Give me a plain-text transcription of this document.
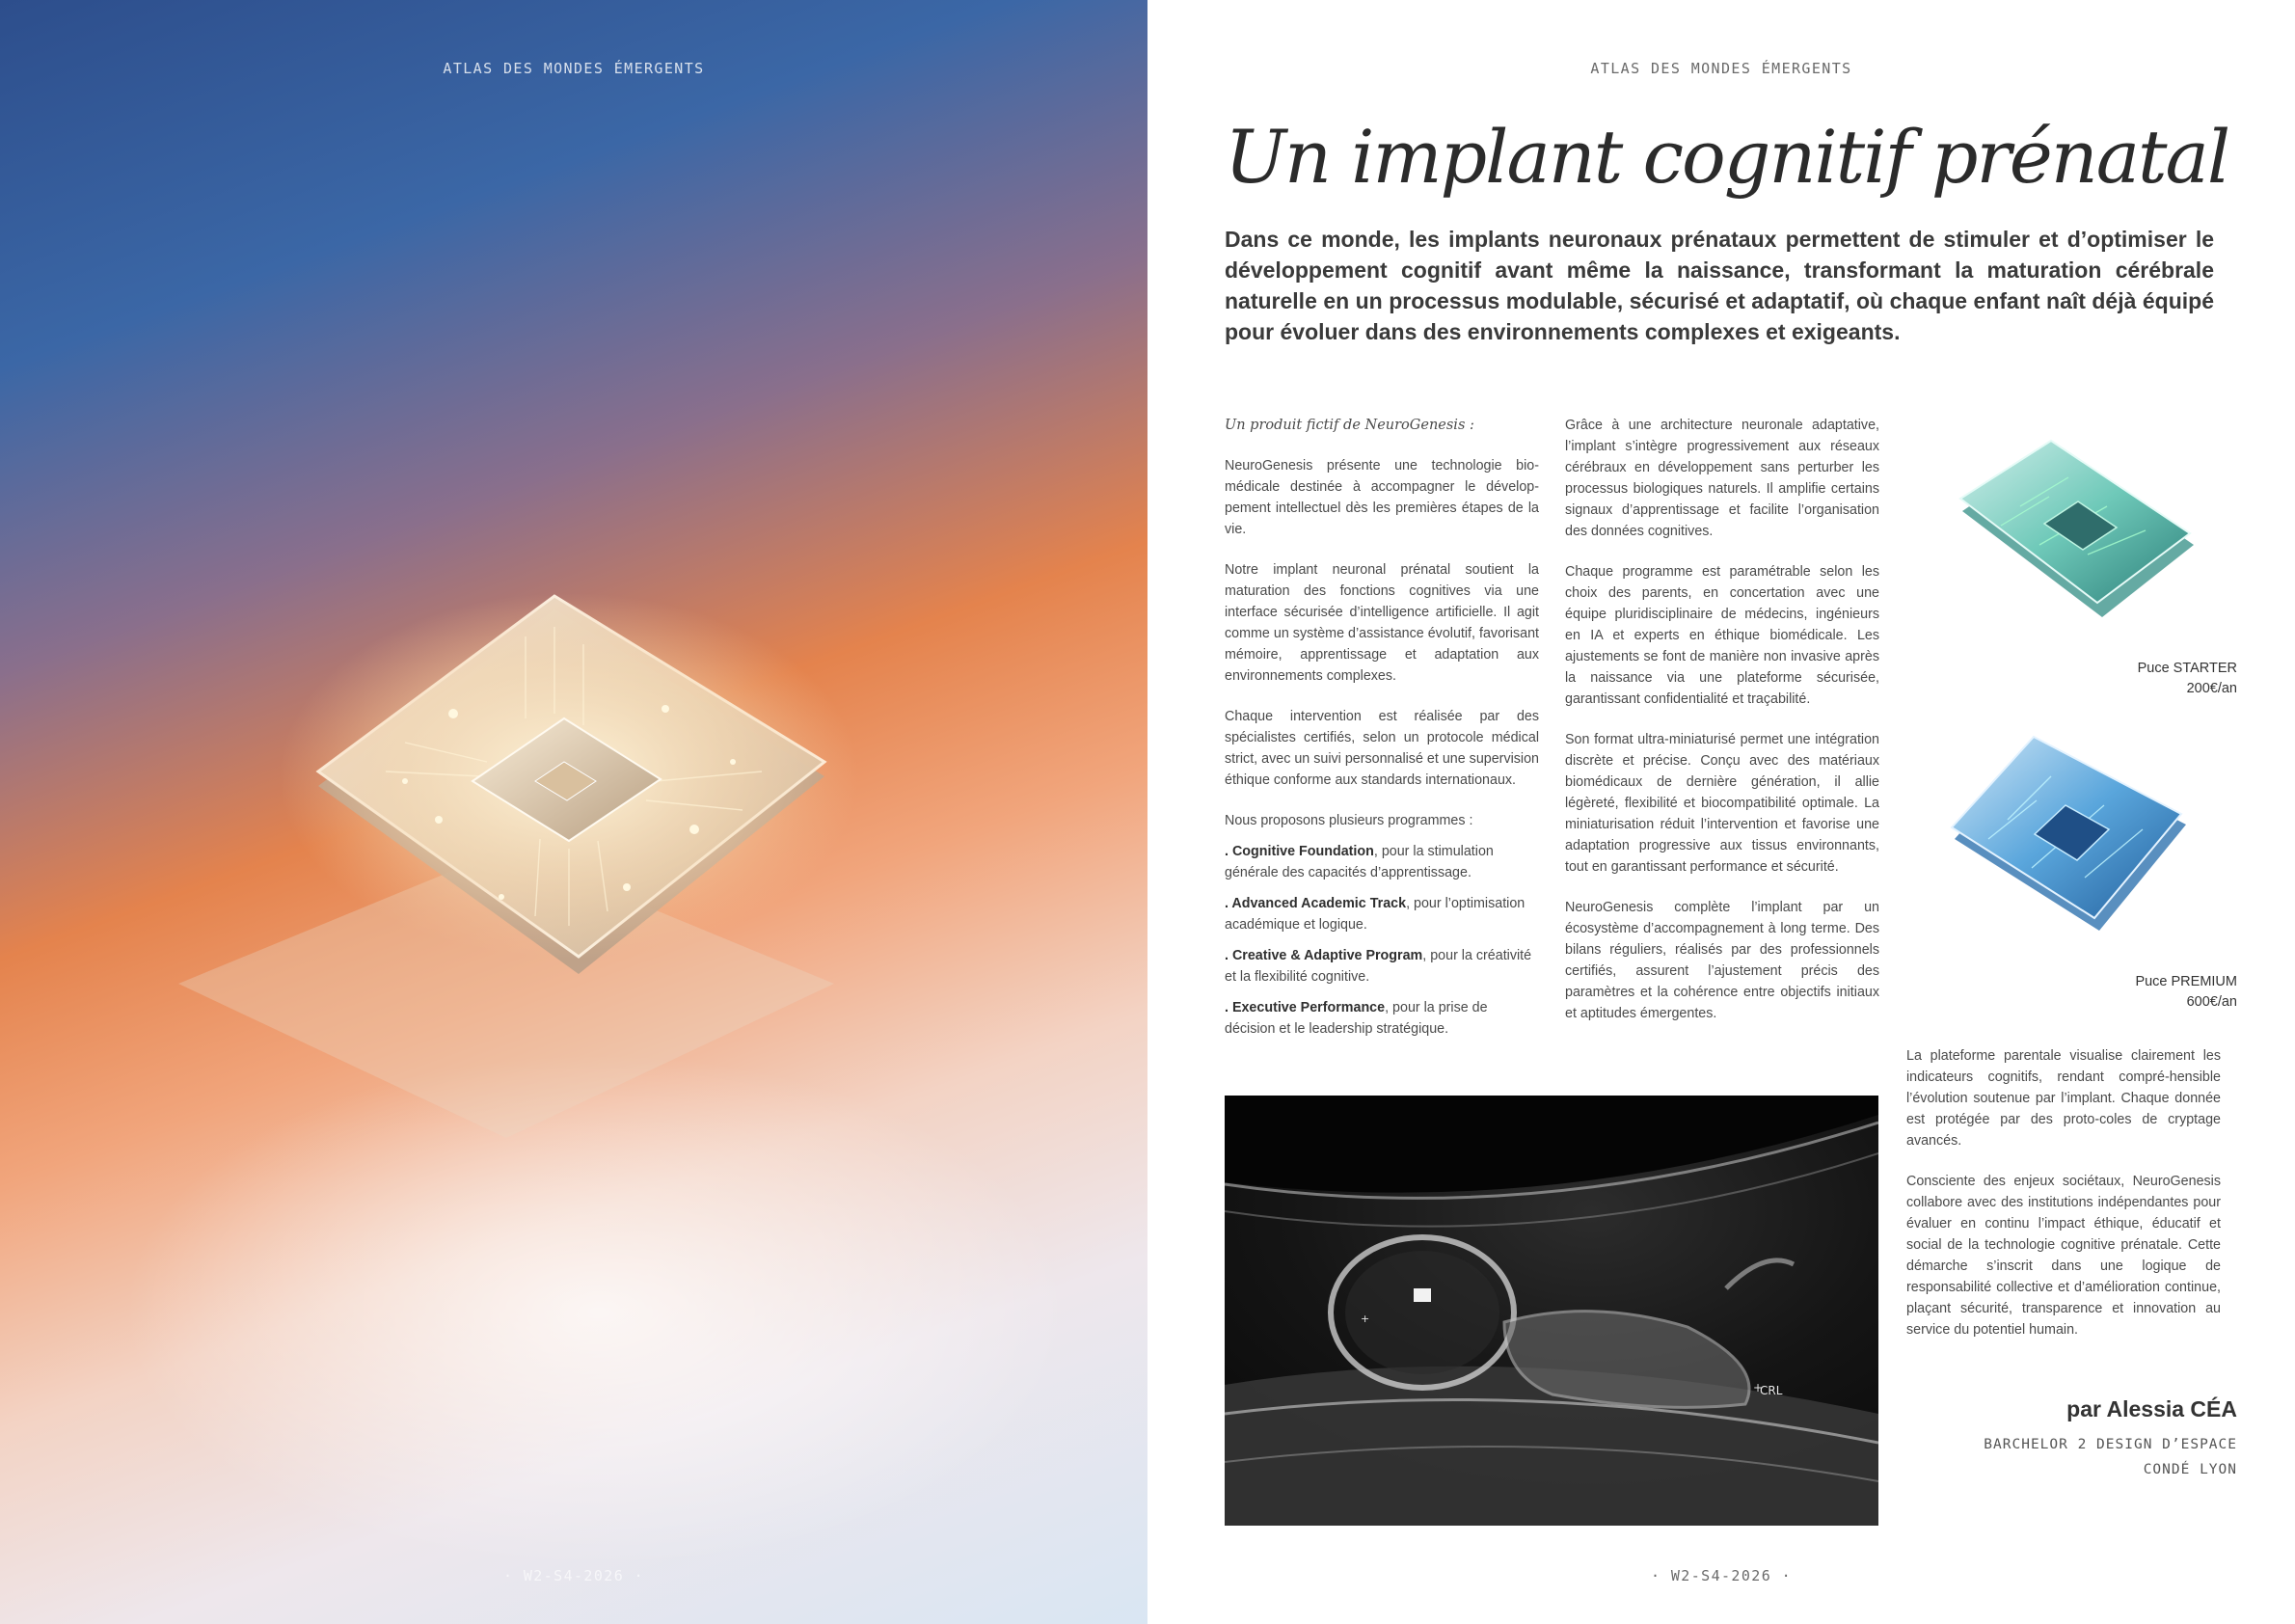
ATLAS DES MONDES ÉMERGENTS
· W2-S4-2026 ·
ATLAS DES MONDES ÉMERGENTS
Un implant cognitif prénatal

Dans ce monde, les implants neuronaux prénataux permettent de stimuler et d’optimiser le développement cognitif avant même la naissance, transformant la maturation cérébrale naturelle en un processus modulable, sécurisé et adaptatif, où chaque enfant naît déjà équipé pour évoluer dans des environnements complexes et exigeants.

Un produit fictif de NeuroGenesis :

NeuroGenesis présente une technologie bio-médicale destinée à accompagner le dévelop-pement intellectuel dès les premières étapes de la vie.

Notre implant neuronal prénatal soutient la maturation des fonctions cognitives via une interface sécurisée d’intelligence artificielle. Il agit comme un système d’assistance évolutif, favorisant mémoire, apprentissage et adaptation aux environnements complexes.

Chaque intervention est réalisée par des spécialistes certifiés, selon un protocole médical strict, avec un suivi personnalisé et une supervision éthique conforme aux standards internationaux.

Nous proposons plusieurs programmes :

. Cognitive Foundation, pour la stimulation générale des capacités d’apprentissage.

. Advanced Academic Track, pour l’optimisation académique et logique.

. Creative & Adaptive Program, pour la créativité et la flexibilité cognitive.

. Executive Performance, pour la prise de décision et le leadership stratégique.

Grâce à une architecture neuronale adaptative, l’implant s’intègre progressivement aux réseaux cérébraux en développement sans perturber les processus biologiques naturels. Il amplifie certains signaux d’apprentissage et facilite l’organisation des données cognitives.

Chaque programme est paramétrable selon les choix des parents, en concertation avec une équipe pluridisciplinaire de médecins, ingénieurs en IA et experts en éthique biomédicale. Les ajustements se font de manière non invasive après la naissance via une plateforme sécurisée, garantissant confidentialité et traçabilité.

Son format ultra-miniaturisé permet une intégration discrète et précise. Conçu avec des matériaux biomédicaux de dernière génération, il allie légèreté, flexibilité et biocompatibilité optimale. La miniaturisation réduit l’intervention et favorise une adaptation progressive aux tissus environnants, tout en garantissant performance et sécurité.

NeuroGenesis complète l’implant par un écosystème d’accompagnement à long terme. Des bilans réguliers, réalisés par des professionnels certifiés, assurent l’ajustement précis des paramètres et la cohérence entre objectifs initiaux et aptitudes émergentes.

+
+
CRL
Puce STARTER
200€/an
Puce PREMIUM
600€/an

La plateforme parentale visualise clairement les indicateurs cognitifs, rendant compré-hensible l’évolution soutenue par l’implant. Chaque donnée est protégée par des proto-coles de cryptage avancés.

Consciente des enjeux sociétaux, NeuroGenesis collabore avec des institutions indépendantes pour évaluer en continu l’impact éthique, éducatif et social de la technologie cognitive prénatale. Cette démarche s’inscrit dans une logique de responsabilité collective et d’amélioration continue, plaçant sécurité, transparence et innovation au service du potentiel humain.

par Alessia CÉA
BARCHELOR 2 DESIGN D’ESPACE
CONDÉ LYON
· W2-S4-2026 ·
